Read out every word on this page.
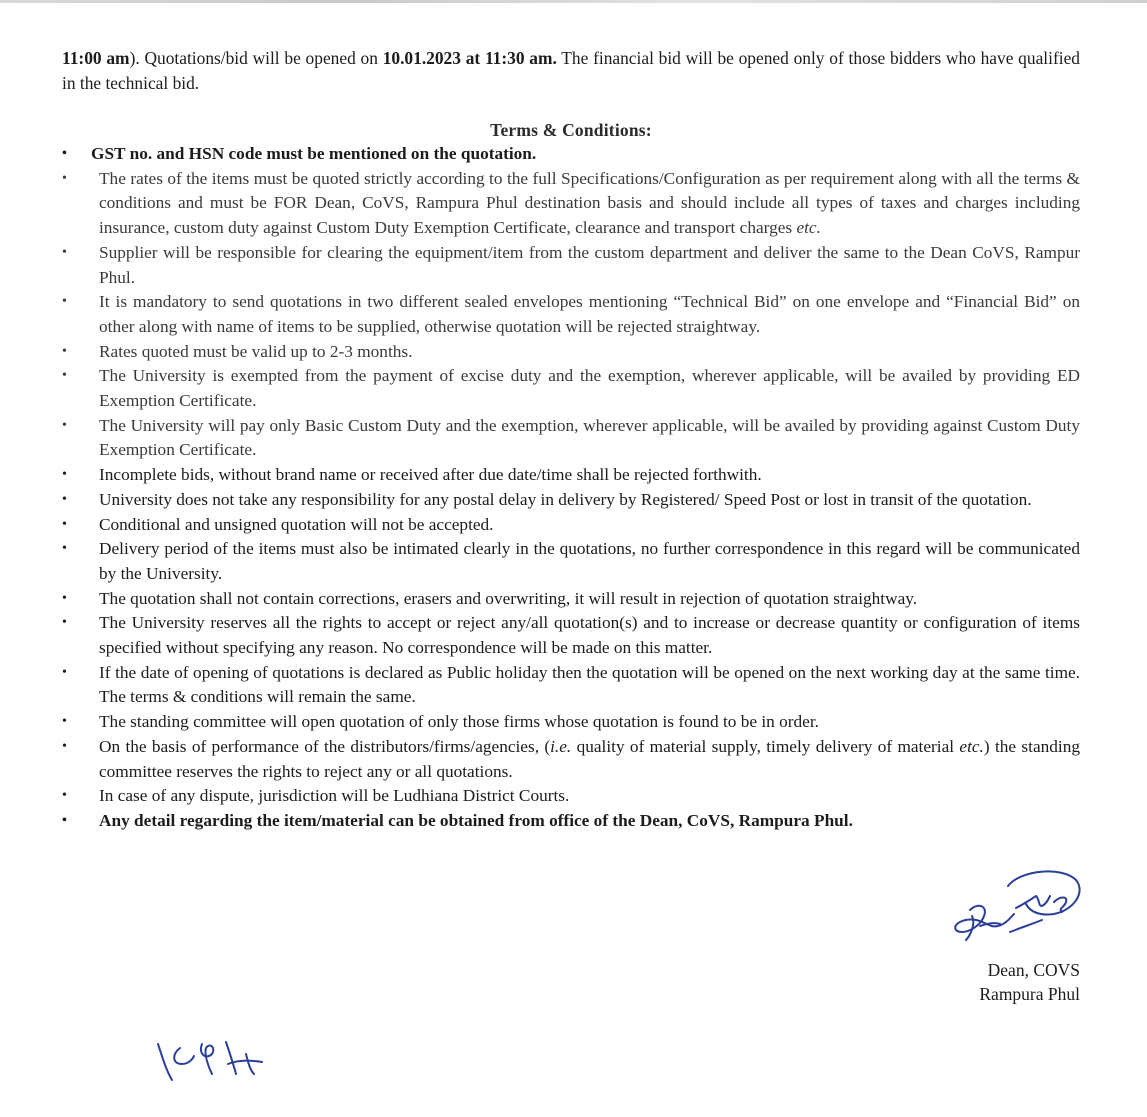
11:00 am). Quotations/bid will be opened on 10.01.2023 at 11:30 am. The financial bid will be opened only of those bidders who have qualified in the technical bid.

Terms & Conditions:
• GST no. and HSN code must be mentioned on the quotation.
• The rates of the items must be quoted strictly according to the full Specifications/Configuration as per requirement along with all the terms & conditions and must be FOR Dean, CoVS, Rampura Phul destination basis and should include all types of taxes and charges including insurance, custom duty against Custom Duty Exemption Certificate, clearance and transport charges etc.
• Supplier will be responsible for clearing the equipment/item from the custom department and deliver the same to the Dean CoVS, Rampur Phul.
• It is mandatory to send quotations in two different sealed envelopes mentioning “Technical Bid” on one envelope and “Financial Bid” on other along with name of items to be supplied, otherwise quotation will be rejected straightway.
• Rates quoted must be valid up to 2-3 months.
• The University is exempted from the payment of excise duty and the exemption, wherever applicable, will be availed by providing ED Exemption Certificate.
• The University will pay only Basic Custom Duty and the exemption, wherever applicable, will be availed by providing against Custom Duty Exemption Certificate.
• Incomplete bids, without brand name or received after due date/time shall be rejected forthwith.
• University does not take any responsibility for any postal delay in delivery by Registered/ Speed Post or lost in transit of the quotation.
• Conditional and unsigned quotation will not be accepted.
• Delivery period of the items must also be intimated clearly in the quotations, no further correspondence in this regard will be communicated by the University.
• The quotation shall not contain corrections, erasers and overwriting, it will result in rejection of quotation straightway.
• The University reserves all the rights to accept or reject any/all quotation(s) and to increase or decrease quantity or configuration of items specified without specifying any reason. No correspondence will be made on this matter.
• If the date of opening of quotations is declared as Public holiday then the quotation will be opened on the next working day at the same time. The terms & conditions will remain the same.
• The standing committee will open quotation of only those firms whose quotation is found to be in order.
• On the basis of performance of the distributors/firms/agencies, (i.e. quality of material supply, timely delivery of material etc.) the standing committee reserves the rights to reject any or all quotations.
• In case of any dispute, jurisdiction will be Ludhiana District Courts.
• Any detail regarding the item/material can be obtained from office of the Dean, CoVS, Rampura Phul.
Dean, COVS
Rampura Phul
